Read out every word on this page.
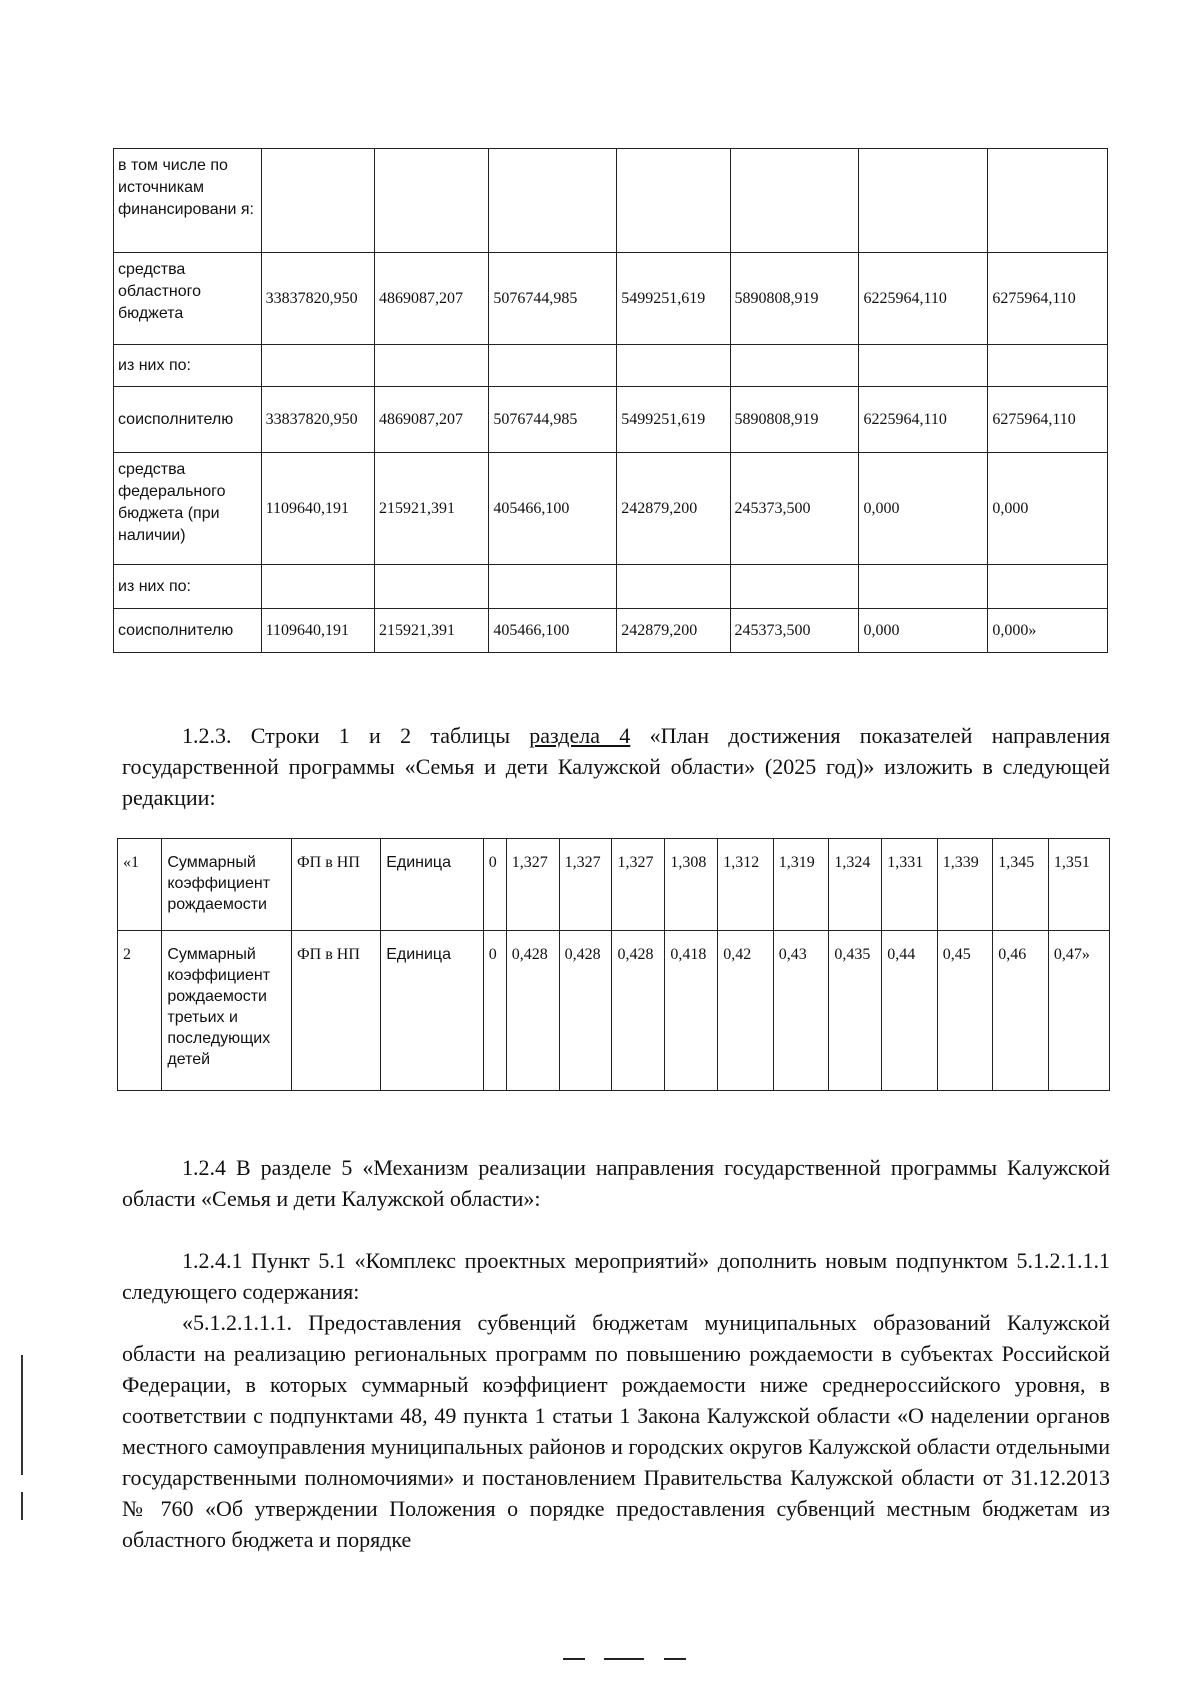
в том числе по источникам финансировани я:							
средства областного бюджета	33837820,950	4869087,207	5076744,985	5499251,619	5890808,919	6225964,110	6275964,110
из них по:							
соисполнителю	33837820,950	4869087,207	5076744,985	5499251,619	5890808,919	6225964,110	6275964,110
средства федерального бюджета (при наличии)	1109640,191	215921,391	405466,100	242879,200	245373,500	0,000	0,000
из них по:							
соисполнителю	1109640,191	215921,391	405466,100	242879,200	245373,500	0,000	0,000»

1.2.3. Строки 1 и 2 таблицы раздела 4 «План достижения показателей направления государственной программы «Семья и дети Калужской области» (2025 год)» изложить в следующей редакции:

«1	Суммарный коэффициент рождаемости	ФП в НП	Единица	0	1,327	1,327	1,327	1,308	1,312	1,319	1,324	1,331	1,339	1,345	1,351
2	Суммарный коэффициент рождаемости третьих и последующих детей	ФП в НП	Единица	0	0,428	0,428	0,428	0,418	0,42	0,43	0,435	0,44	0,45	0,46	0,47»

1.2.4 В разделе 5 «Механизм реализации направления государственной программы Калужской области «Семья и дети Калужской области»:

1.2.4.1 Пункт 5.1 «Комплекс проектных мероприятий» дополнить новым подпунктом 5.1.2.1.1.1 следующего содержания:

«5.1.2.1.1.1. Предоставления субвенций бюджетам муниципальных образований Калужской области на реализацию региональных программ по повышению рождаемости в субъектах Российской Федерации, в которых суммарный коэффициент рождаемости ниже среднероссийского уровня, в соответствии с подпунктами 48, 49 пункта 1 статьи 1 Закона Калужской области «О наделении органов местного самоуправления муниципальных районов и городских округов Калужской области отдельными государственными полномочиями» и постановлением Правительства Калужской области от 31.12.2013 № 760 «Об утверждении Положения о порядке предоставления субвенций местным бюджетам из областного бюджета и порядке
